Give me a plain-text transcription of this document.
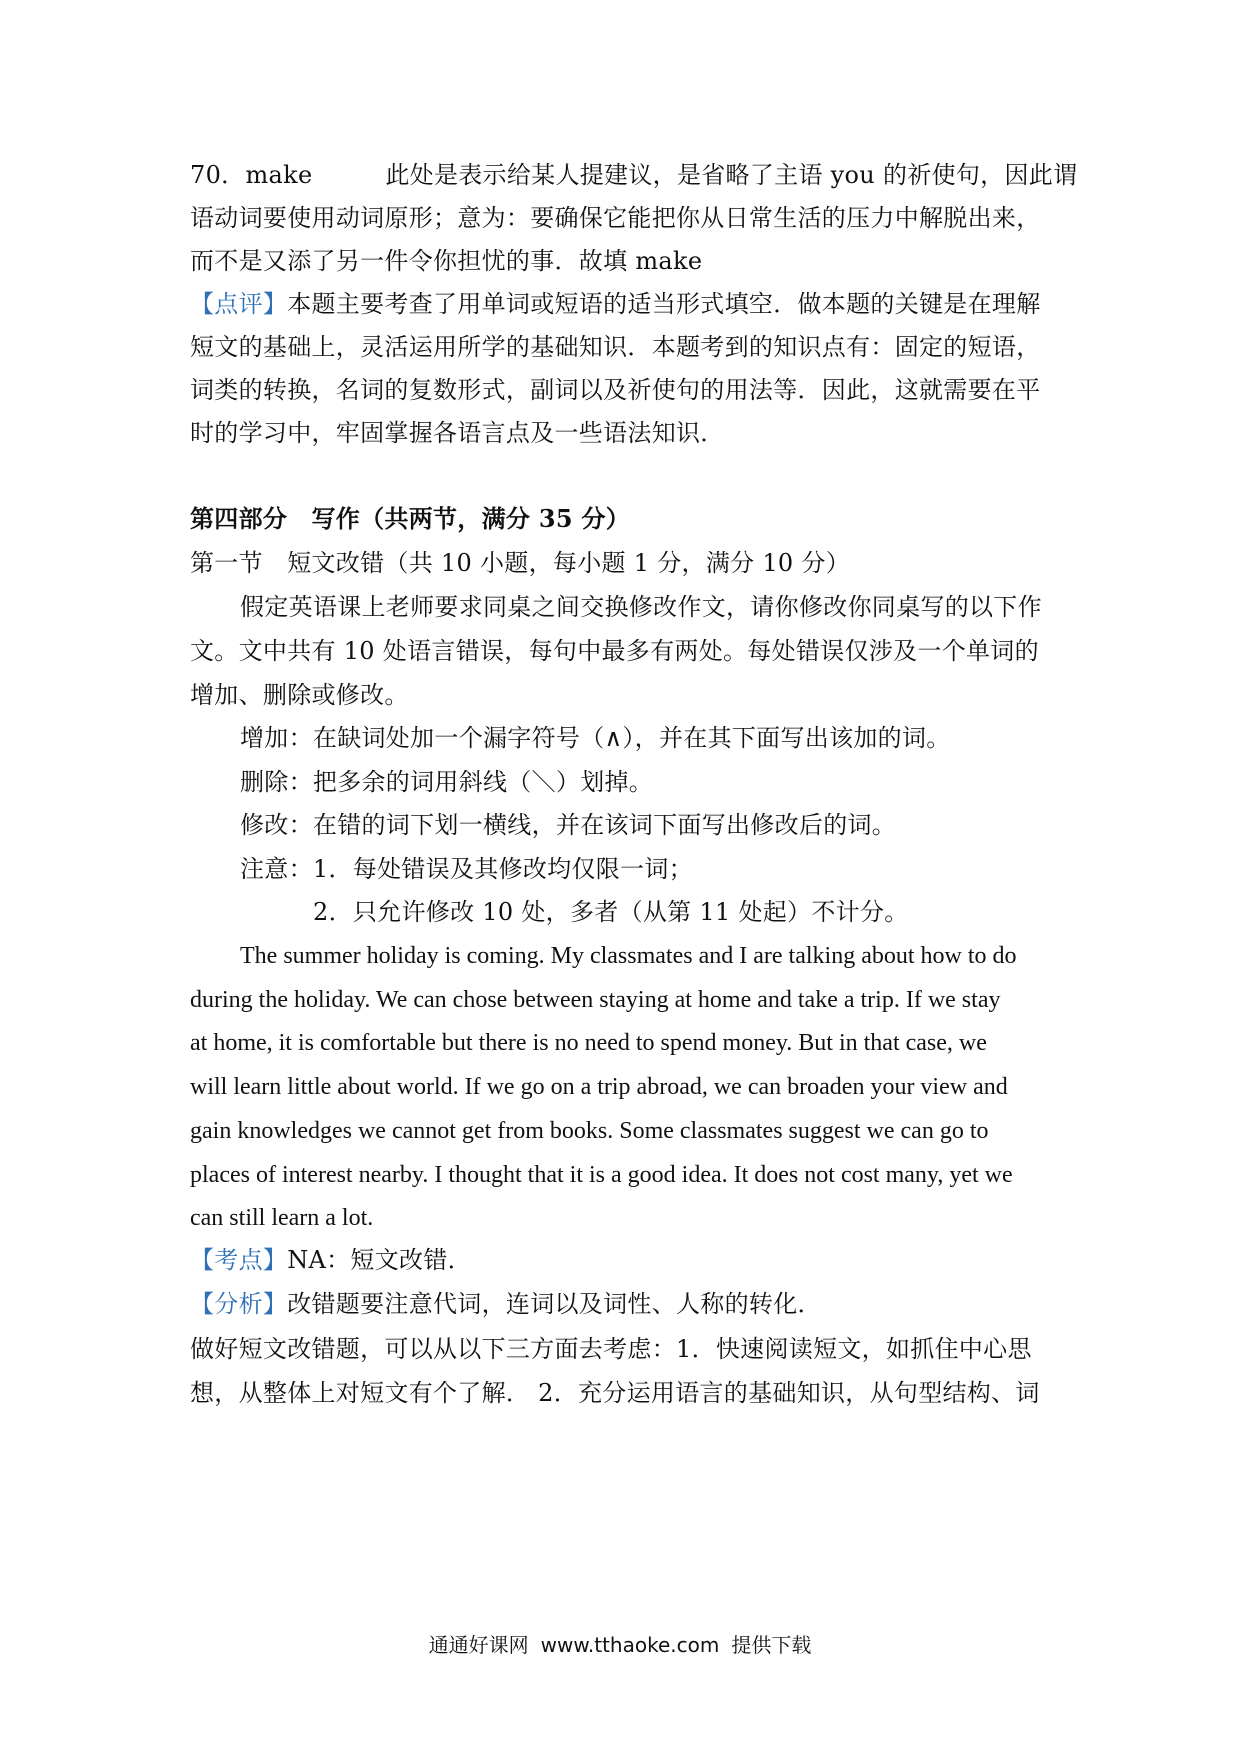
70．make　　　此处是表示给某人提建议，是省略了主语 you 的祈使句，因此谓
语动词要使用动词原形；意为：要确保它能把你从日常生活的压力中解脱出来，
而不是又添了另一件令你担忧的事．故填 make
【点评】本题主要考查了用单词或短语的适当形式填空．做本题的关键是在理解
短文的基础上，灵活运用所学的基础知识．本题考到的知识点有：固定的短语，
词类的转换，名词的复数形式，副词以及祈使句的用法等．因此，这就需要在平
时的学习中，牢固掌握各语言点及一些语法知识．
第四部分　写作（共两节，满分 35 分）
第一节　短文改错（共 10 小题，每小题 1 分，满分 10 分）
假定英语课上老师要求同桌之间交换修改作文，请你修改你同桌写的以下作
文。文中共有 10 处语言错误，每句中最多有两处。每处错误仅涉及一个单词的
增加、删除或修改。
增加：在缺词处加一个漏字符号（∧），并在其下面写出该加的词。
删除：把多余的词用斜线（＼）划掉。
修改：在错的词下划一横线，并在该词下面写出修改后的词。
注意：1．每处错误及其修改均仅限一词；
2．只允许修改 10 处，多者（从第 11 处起）不计分。
The summer holiday is coming. My classmates and I are talking about how to do
during the holiday. We can chose between staying at home and take a trip. If we stay
at home, it is comfortable but there is no need to spend money. But in that case, we
will learn little about world. If we go on a trip abroad, we can broaden your view and
gain knowledges we cannot get from books. Some classmates suggest we can go to
places of interest nearby. I thought that it is a good idea. It does not cost many, yet we
can still learn a lot.
【考点】NA：短文改错．
【分析】改错题要注意代词，连词以及词性、人称的转化．
做好短文改错题，可以从以下三方面去考虑：1．快速阅读短文，如抓住中心思
想，从整体上对短文有个了解． 2．充分运用语言的基础知识，从句型结构、词
通通好课网 www.tthaoke.com 提供下载
